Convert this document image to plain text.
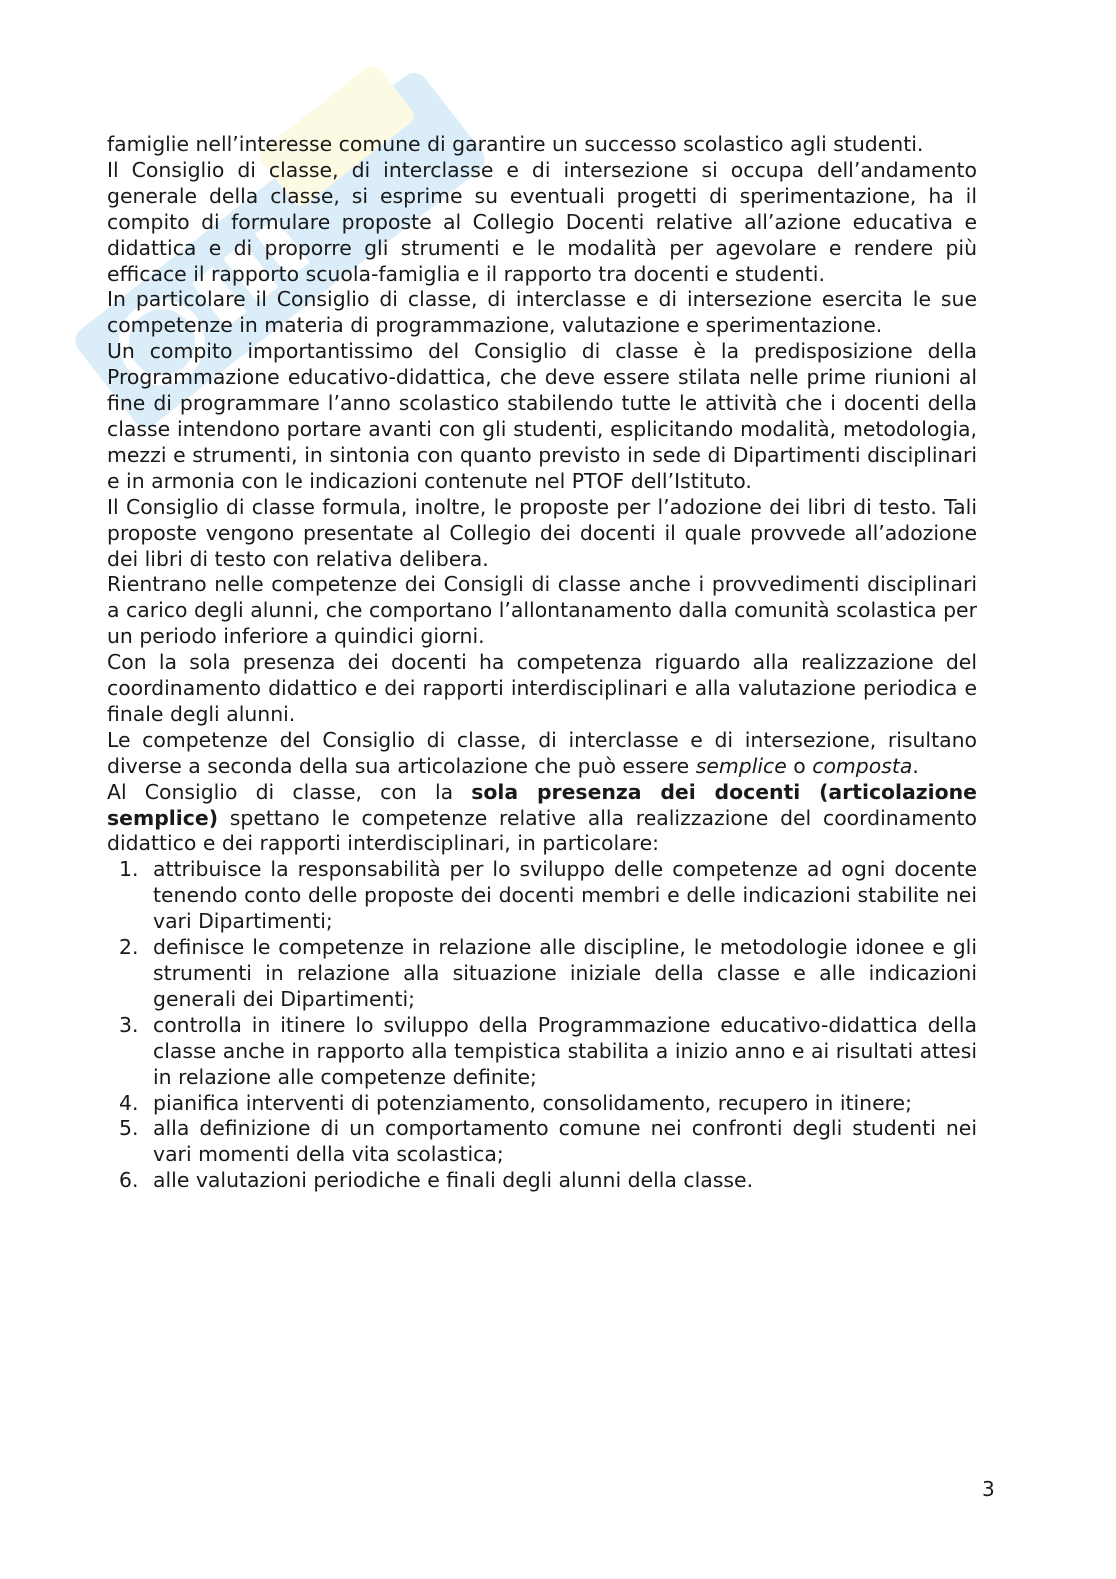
famiglie nell’interesse comune di garantire un successo scolastico agli studenti.

Il Consiglio di classe, di interclasse e di intersezione si occupa dell’andamento generale della classe, si esprime su eventuali progetti di sperimentazione, ha il compito di formulare proposte al Collegio Docenti relative all’azione educativa e didattica e di proporre gli strumenti e le modalità per agevolare e rendere più efficace il rapporto scuola-famiglia e il rapporto tra docenti e studenti.

In particolare il Consiglio di classe, di interclasse e di intersezione esercita le sue competenze in materia di programmazione, valutazione e sperimentazione.

Un compito importantissimo del Consiglio di classe è la predisposizione della Programmazione educativo-didattica, che deve essere stilata nelle prime riunioni al fine di programmare l’anno scolastico stabilendo tutte le attività che i docenti della classe intendono portare avanti con gli studenti, esplicitando modalità, metodologia, mezzi e strumenti, in sintonia con quanto previsto in sede di Dipartimenti disciplinari e in armonia con le indicazioni contenute nel PTOF dell’Istituto.

Il Consiglio di classe formula, inoltre, le proposte per l’adozione dei libri di testo. Tali proposte vengono presentate al Collegio dei docenti il quale provvede all’adozione dei libri di testo con relativa delibera.

Rientrano nelle competenze dei Consigli di classe anche i provvedimenti disciplinari a carico degli alunni, che comportano l’allontanamento dalla comunità scolastica per un periodo inferiore a quindici giorni.

Con la sola presenza dei docenti ha competenza riguardo alla realizzazione del coordinamento didattico e dei rapporti interdisciplinari e alla valutazione periodica e finale degli alunni.

Le competenze del Consiglio di classe, di interclasse e di intersezione, risultano diverse a seconda della sua articolazione che può essere semplice o composta.

Al Consiglio di classe, con la sola presenza dei docenti (articolazione semplice) spettano le competenze relative alla realizzazione del coordinamento didattico e dei rapporti interdisciplinari, in particolare:

1. attribuisce la responsabilità per lo sviluppo delle competenze ad ogni docente tenendo conto delle proposte dei docenti membri e delle indicazioni stabilite nei vari Dipartimenti;
2. definisce le competenze in relazione alle discipline, le metodologie idonee e gli strumenti in relazione alla situazione iniziale della classe e alle indicazioni generali dei Dipartimenti;
3. controlla in itinere lo sviluppo della Programmazione educativo-didattica della classe anche in rapporto alla tempistica stabilita a inizio anno e ai risultati attesi in relazione alle competenze definite;
4. pianifica interventi di potenziamento, consolidamento, recupero in itinere;
5. alla definizione di un comportamento comune nei confronti degli studenti nei vari momenti della vita scolastica;
6. alle valutazioni periodiche e finali degli alunni della classe.
3
